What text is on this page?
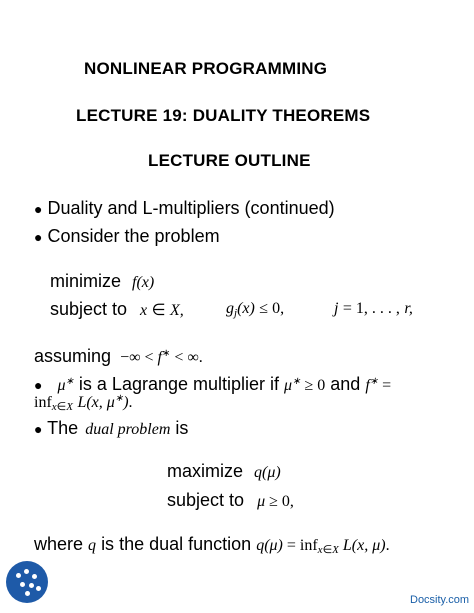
NONLINEAR PROGRAMMING
LECTURE 19: DUALITY THEOREMS
LECTURE OUTLINE
● Duality and L-multipliers (continued)
● Consider the problem
minimize f(x)
subject to x ∈ X,	$g_j(x) \le 0$,	j = 1, . . . , r,
assuming −∞ < f∗ < ∞.
● μ∗ is a Lagrange multiplier if μ∗ ≥ 0 and f∗ =
inf$_{x\in X}$ L(x, μ∗).
● The dual problem is
maximize q(μ)
subject to μ ≥ 0,
where q is the dual function q(μ) = inf$_{x\in X}$ L(x, μ).
Docsity.com
